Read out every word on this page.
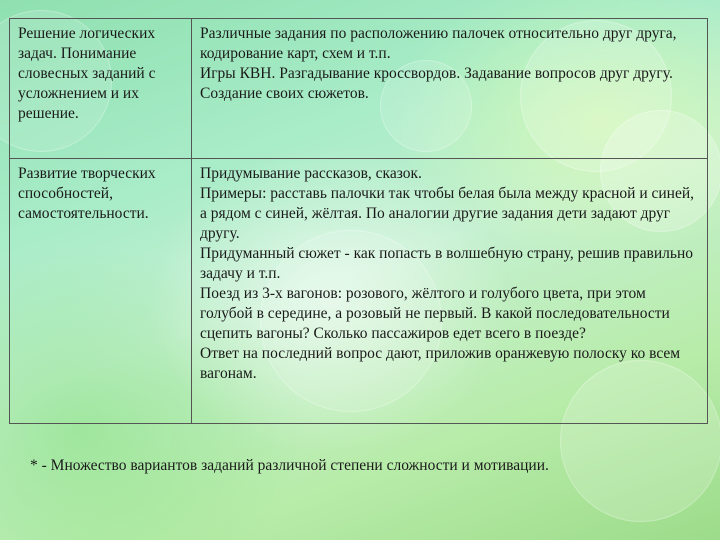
Решение логических задач. Понимание словесных заданий с усложнением и их решение.	Различные задания по расположению палочек относительно друг друга, кодирование карт, схем и т.п.
Игры КВН. Разгадывание кроссвордов. Задавание вопросов друг другу. Создание своих сюжетов.

Развитие творческих способностей, самостоятельности.	Придумывание рассказов, сказок.
Примеры: расставь палочки так чтобы белая была между красной и синей, а рядом с синей, жёлтая. По аналогии другие задания дети задают друг другу.
Придуманный сюжет - как попасть в волшебную страну, решив правильно задачу и т.п.
Поезд из 3-х вагонов: розового, жёлтого и голубого цвета, при этом голубой в середине, а розовый не первый. В какой последовательности сцепить вагоны? Сколько пассажиров едет всего в поезде?
Ответ на последний вопрос дают, приложив оранжевую полоску ко всем вагонам.
* - Множество вариантов заданий различной степени сложности и мотивации.
